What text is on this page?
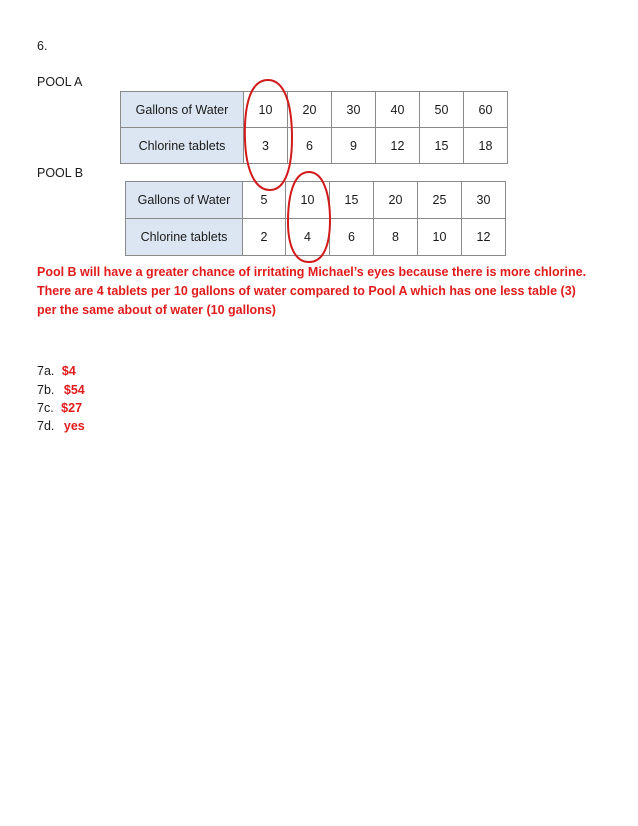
6.
POOL A
Gallons of Water	10	20	30	40	50	60
Chlorine tablets	3	6	9	12	15	18
POOL B
Gallons of Water	5	10	15	20	25	30
Chlorine tablets	2	4	6	8	10	12
Pool B will have a greater chance of irritating Michael’s eyes because there is more chlorine.
There are 4 tablets per 10 gallons of water compared to Pool A which has one less table (3)
per the same about of water (10 gallons)
7a. $4
7b. $54
7c. $27
7d. yes
